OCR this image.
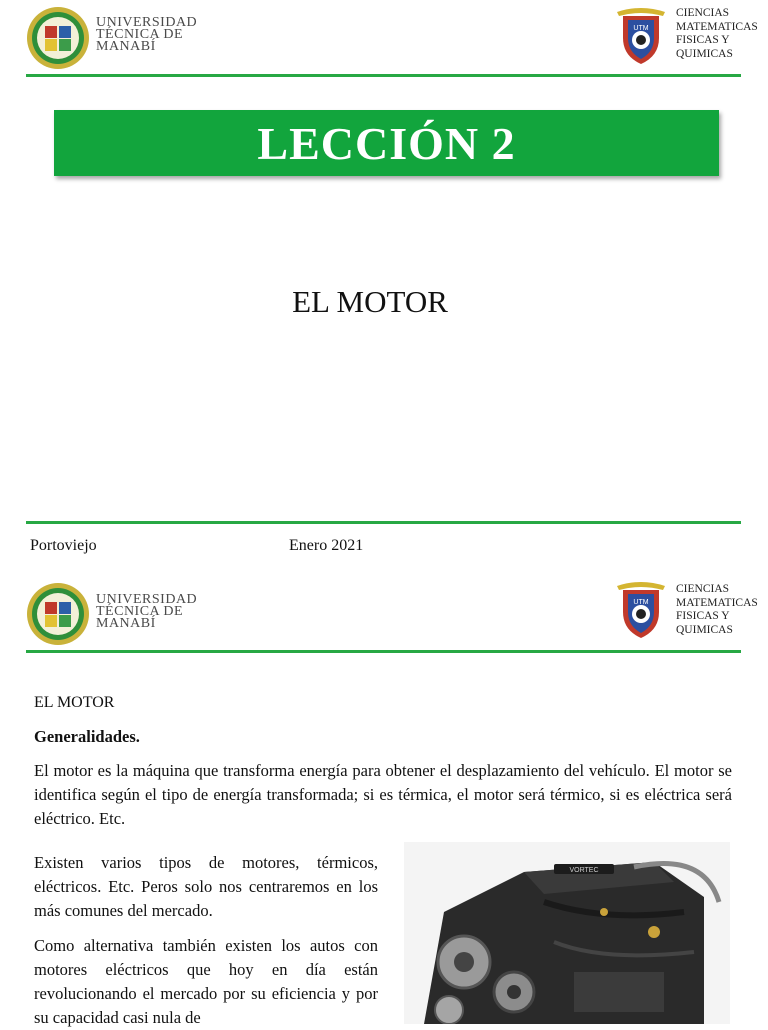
UNIVERSIDAD
TÉCNICA DE
MANABÍ
UTM
CIENCIAS
MATEMATICAS
FISICAS Y
QUIMICAS
LECCIÓN 2
EL MOTOR
Portoviejo	Enero 2021
UNIVERSIDAD
TÉCNICA DE
MANABÍ
UTM
CIENCIAS
MATEMATICAS
FISICAS Y
QUIMICAS
EL MOTOR
Generalidades.
El motor es la máquina que transforma energía para obtener el desplazamiento del vehículo. El motor se identifica según el tipo de energía transformada; si es térmica, el motor será térmico, si es eléctrica será eléctrico. Etc.
Existen varios tipos de motores, térmicos, eléctricos. Etc. Peros solo nos centraremos en los más comunes del mercado.
Como alternativa también existen los autos con motores eléctricos que hoy en día están revolucionando el mercado por su eficiencia y por su capacidad casi nula de
VORTEC
